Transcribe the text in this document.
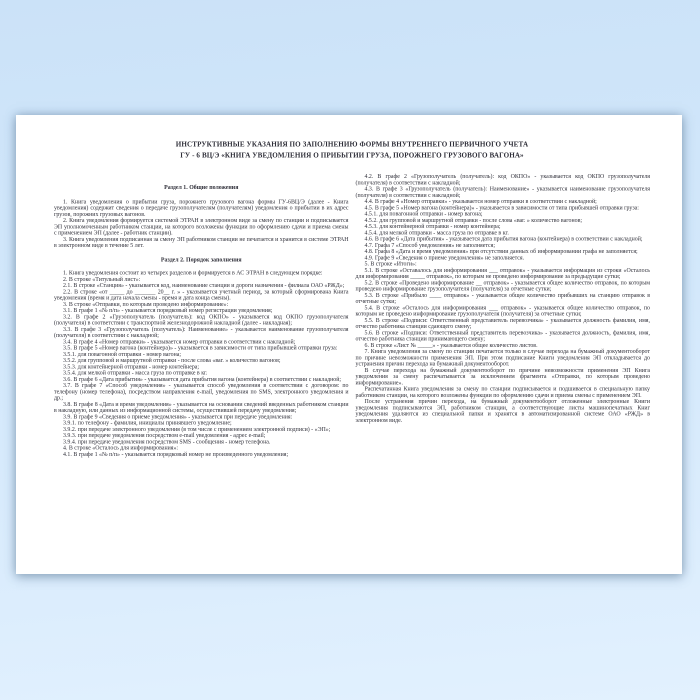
ИНСТРУКТИВНЫЕ УКАЗАНИЯ ПО ЗАПОЛНЕНИЮ ФОРМЫ ВНУТРЕННЕГО ПЕРВИЧНОГО УЧЕТА
ГУ - 6 ВЦ/Э «КНИГА УВЕДОМЛЕНИЯ О ПРИБЫТИИ ГРУЗА, ПОРОЖНЕГО ГРУЗОВОГО ВАГОНА»
Раздел 1. Общие положения

1. Книга уведомления о прибытии груза, порожнего грузового вагона формы ГУ-6ВЦ/Э (далее - Книга уведомления) содержит сведения о передаче грузополучателям (получателям) уведомления о прибытии в их адрес грузов, порожних грузовых вагонов.

2. Книга уведомления формируется системой ЭТРАН в электронном виде за смену по станции и подписывается ЭП уполномоченным работником станции, на которого возложены функции по оформлению сдачи и приема смены с применением ЭП (далее - работник станции).

3. Книга уведомления подписанная за смену ЭП работником станции не печатается и хранится в системе ЭТРАН в электронном виде в течение 5 лет.

Раздел 2. Порядок заполнения

1. Книга уведомления состоит из четырех разделов и формируется в АС ЭТРАН в следующем порядке:

2. В строке «Титульный лист»:

2.1. В строке «Станция» - указывается код, наименование станции и дороги назначения - филиала ОАО «РЖД»;

2.2. В строке «от _____ до _______ 20__ г. » - указывается учетный период, за который сформирована Книга уведомления (время и дата начала смены - время и дата конца смены).

3. В строке «Отправки, по которым проведено информирование»:

3.1. В графе 1 «№ п/п» - указывается порядковый номер регистрации уведомления;

3.2. В графе 2 «Грузополучатель (получатель): код ОКПО» - указывается код ОКПО грузополучателя (получателя) в соответствии с транспортной железнодорожной накладной (далее - накладная);

3.3. В графе 3 «Грузополучатель (получатель): Наименование» - указывается наименование грузополучателя (получателя) в соответствии с накладной;

3.4. В графе 4 «Номер отправки» - указывается номер отправки в соответствии с накладной;

3.5. В графе 5 «Номер вагона (контейнера)» - указывается в зависимости от типа прибывшей отправки груза:

3.5.1. для повагонной отправки - номер вагона;

3.5.2. для групповой и маршрутной отправки - после слова «ваг. » количество вагонов;

3.5.3. для контейнерной отправки - номер контейнера;

3.5.4. для мелкой отправки - масса груза по отправке в кг.

3.6. В графе 6 «Дата прибытия» - указывается дата прибытия вагона (контейнера) в соответствии с накладной;

3.7. В графе 7 «Способ уведомления» - указывается способ уведомления в соответствии с договором: по телефону (номер телефона), посредством направления e-mail, уведомления по SMS, электронного уведомления и др.;

3.8. В графе 8 «Дата и время уведомления» - указывается на основании сведений введенных работником станции в накладную, или данных из информационной системы, осуществившей передачу уведомления;

3.9. В графе 9 «Сведения о приеме уведомления» - указывается при передаче уведомления:

3.9.1. по телефону - фамилия, инициалы принявшего уведомление;

3.9.2. при передаче электронного уведомления (в том числе с применением электронной подписи) - «ЭП»;

3.9.3. при передаче уведомления посредством e-mail уведомления - адрес e-mail;

3.9.4. при передаче уведомления посредством SMS - сообщения - номер телефона.

4. В строке «Осталось для информирования»:

4.1. В графе 1 «№ п/п» - указывается порядковый номер не произведенного уведомления;

4.2. В графе 2 «Грузополучатель (получатель): код ОКПО» - указывается код ОКПО грузополучателя (получателя) в соответствии с накладной;

4.3. В графе 3 «Грузополучатель (получатель): Наименование» - указывается наименование грузополучателя (получателя) в соответствии с накладной;

4.4. В графе 4 «Номер отправки» - указывается номер отправки в соответствии с накладной;

4.5. В графе 5 «Номер вагона (контейнера)» - указывается в зависимости от типа прибывшей отправки груза:

4.5.1. для повагонной отправки - номер вагона;

4.5.2. для групповой и маршрутной отправки - после слова «ваг. » количество вагонов;

4.5.3. для контейнерной отправки - номер контейнера;

4.5.4. для мелкой отправки - масса груза по отправке в кг.

4.6. В графе 6 «Дата прибытия» - указывается дата прибытия вагона (контейнера) в соответствии с накладной;

4.7. Графа 7 «Способ уведомления» не заполняется;

4.8. Графа 8 «Дата и время уведомления» при отсутствии данных об информировании графа не заполняется;

4.9. Графе 9 «Сведения о приеме уведомления» не заполняется.

5. В строке «Итоги»:

5.1. В строке «Оставалось для информирования ___ отправок» - указывается информация из строки «Осталось для информирования _____ отправок», по которым не проведено информирование за предыдущие сутки;

5.2. В строке «Проведено информирование __ отправок» - указывается общее количество отправок, по которым проведено информирование грузополучателя (получателя) за отчетные сутки;

5.3. В строке «Прибыло ____ отправок» - указывается общее количество прибывших на станцию отправок в отчетные сутки;

5.4. В строке «Осталось для информирования ___ отправок» - указывается общее количество отправок, по которым не проведено информирование грузополучателя (получателя) за отчетные сутки;

5.5. В строке «Подписи: Ответственный представитель перевозчика» - указывается должность фамилия, имя, отчество работника станции сдающего смену;

5.6. В строке «Подписи: Ответственный представитель перевозчика» - указывается должность, фамилия, имя, отчество работника станции принимающего смену;

6. В строке «Лист № _____» - указывается общее количество листов.

7. Книга уведомления за смену по станции печатается только в случае перехода на бумажный документооборот по причине невозможности применения ЭП. При этом подписание Книги уведомления ЭП откладывается до устранения причин перехода на бумажный документооборот.

В случае перехода на бумажный документооборот по причине невозможности применения ЭП Книга уведомления за смену распечатывается за исключением фрагмента «Отправки, по которым проведено информирование».

Распечатанная Книга уведомления за смену по станции подписывается и подшивается в специальную папку работником станции, на которого возложены функции по оформлению сдачи и приема смены с применением ЭП.

После устранения причин перехода, на бумажный документооборот отложенные электронные Книги уведомления подписываются ЭП, работником станции, а соответствующие листы машинопечатных Книг уведомления удаляются из специальной папки и хранятся в автоматизированной системе ОАО «РЖД» в электронном виде.
